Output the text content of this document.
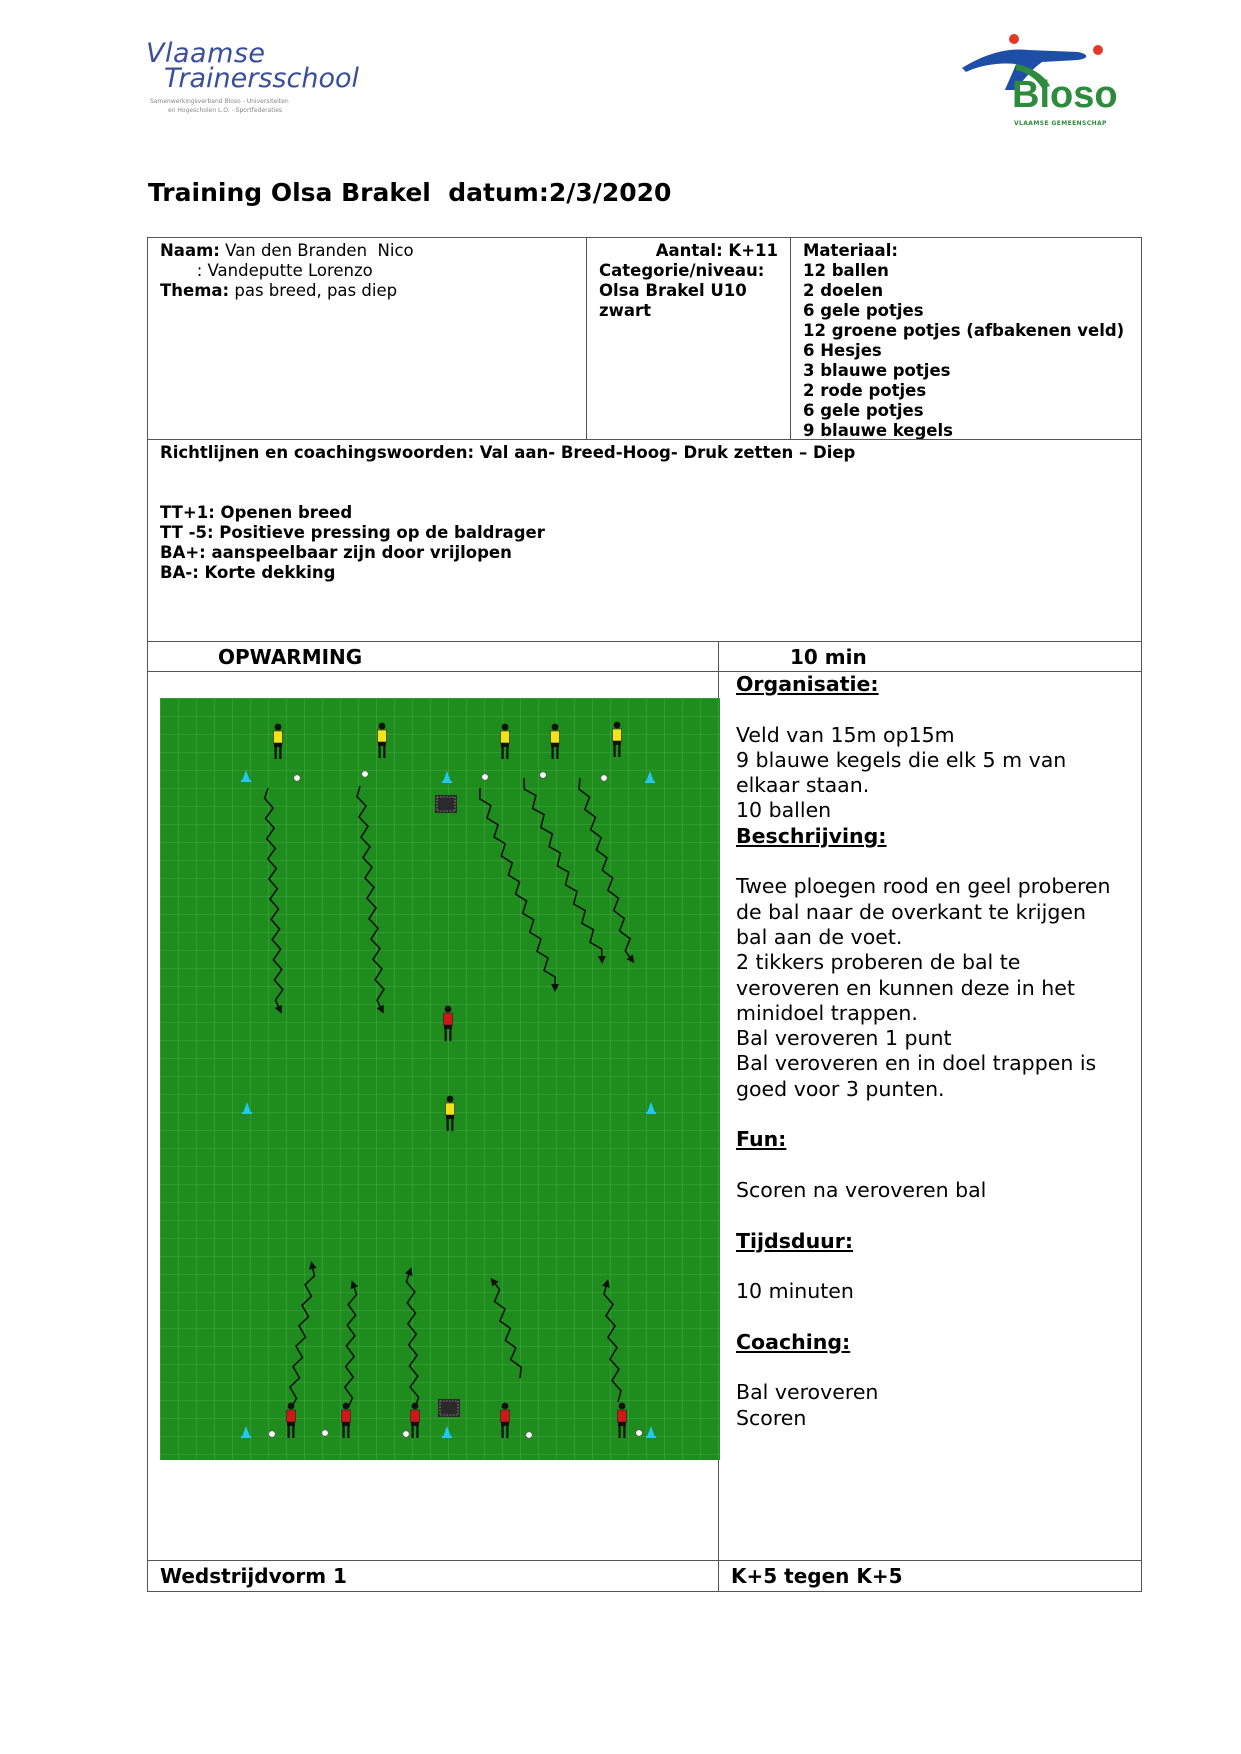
Vlaamse
Trainersschool
Samenwerkingsverband Bloso - Universiteiten
en Hogescholen L.O. - Sportfederaties	Bloso
VLAAMSE GEMEENSCHAP
Training Olsa Brakel  datum:2/3/2020
Naam: Van den Branden  Nico
: Vandeputte Lorenzo
Thema: pas breed, pas diep
Aantal: K+11
Categorie/niveau:
Olsa Brakel U10
zwart
Materiaal:
12 ballen
2 doelen
6 gele potjes
12 groene potjes (afbakenen veld)
6 Hesjes
3 blauwe potjes
2 rode potjes
6 gele potjes
9 blauwe kegels
Richtlijnen en coachingswoorden: Val aan- Breed-Hoog- Druk zetten – Diep
TT+1: Openen breed
TT -5: Positieve pressing op de baldrager
BA+: aanspeelbaar zijn door vrijlopen
BA-: Korte dekking
OPWARMING	10 min
Organisatie:
Veld van 15m op15m
9 blauwe kegels die elk 5 m van
elkaar staan.
10 ballen
Beschrijving:
Twee ploegen rood en geel proberen
de bal naar de overkant te krijgen
bal aan de voet.
2 tikkers proberen de bal te
veroveren en kunnen deze in het
minidoel trappen.
Bal veroveren 1 punt
Bal veroveren en in doel trappen is
goed voor 3 punten.
Fun:
Scoren na veroveren bal
Tijdsduur:
10 minuten
Coaching:
Bal veroveren
Scoren
Wedstrijdvorm 1	K+5 tegen K+5
